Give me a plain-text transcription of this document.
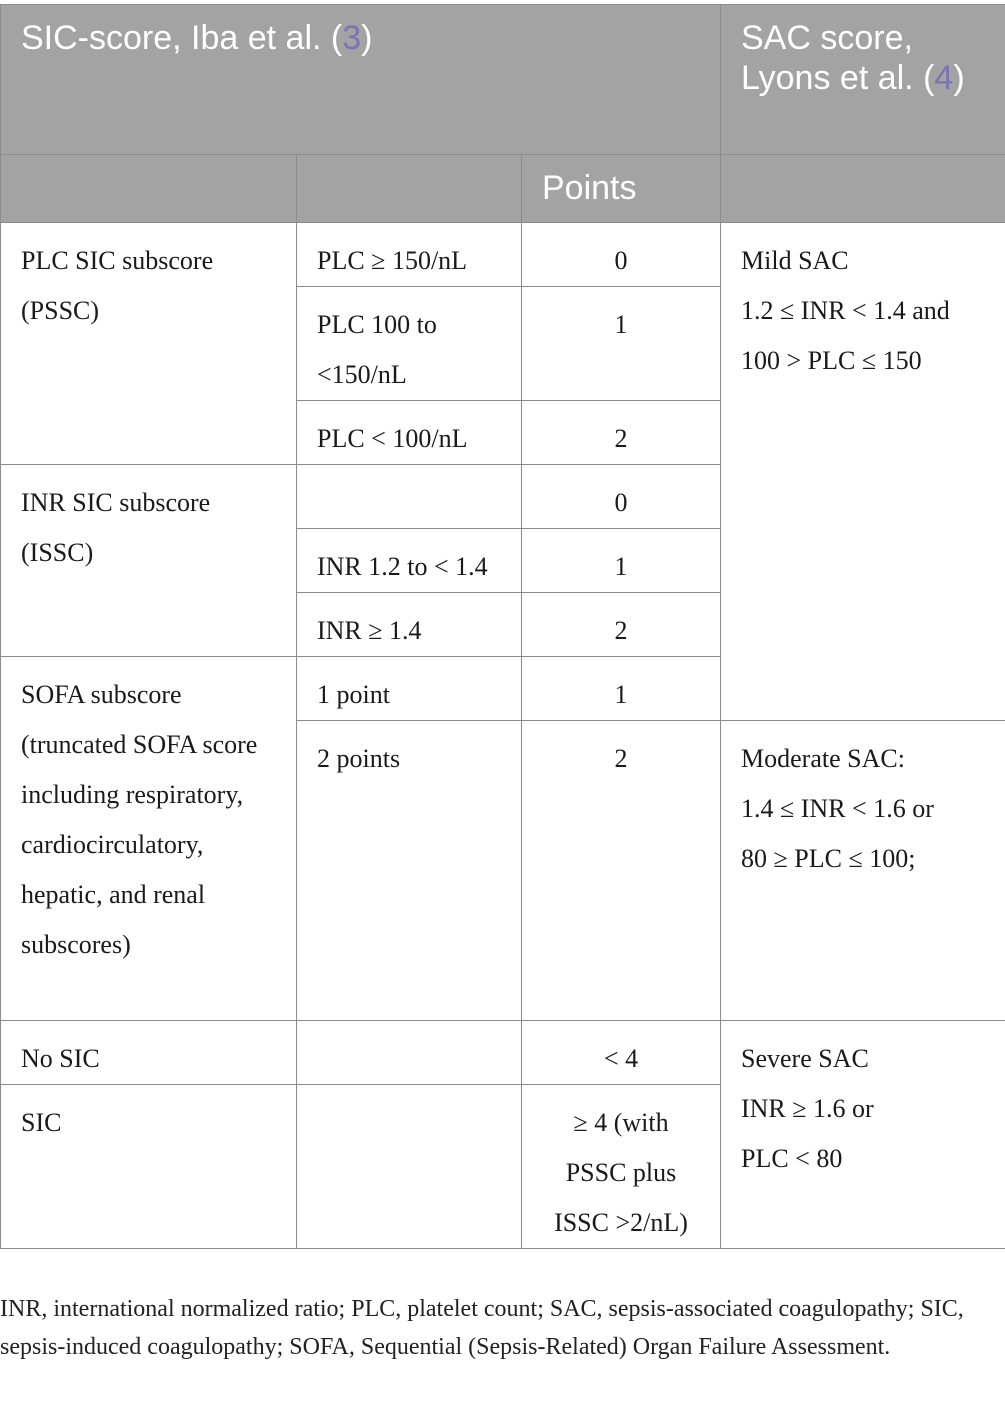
SIC-score, Iba et al. (3)			SAC score, Lyons et al. (4)
		Points	
PLC SIC subscore (PSSC)	PLC ≥ 150/nL	0	Mild SAC
1.2 ≤ INR < 1.4 and
100 > PLC ≤ 150

	PLC 100 to <150/nL	1	
	PLC < 100/nL	2	
INR SIC subscore (ISSC)		0	
	INR 1.2 to < 1.4	1	
	INR ≥ 1.4	2	
SOFA subscore (truncated SOFA score including respiratory, cardiocirculatory, hepatic, and renal subscores)	1 point	1	
	2 points	2	Moderate SAC:
1.4 ≤ INR < 1.6 or
80 ≥ PLC ≤ 100;

No SIC		< 4	Severe SAC
INR ≥ 1.6 or
PLC < 80

SIC		≥ 4 (with PSSC plus ISSC >2/nL)	
INR, international normalized ratio; PLC, platelet count; SAC, sepsis-associated coagulopathy; SIC, sepsis-induced coagulopathy; SOFA, Sequential (Sepsis-Related) Organ Failure Assessment.
